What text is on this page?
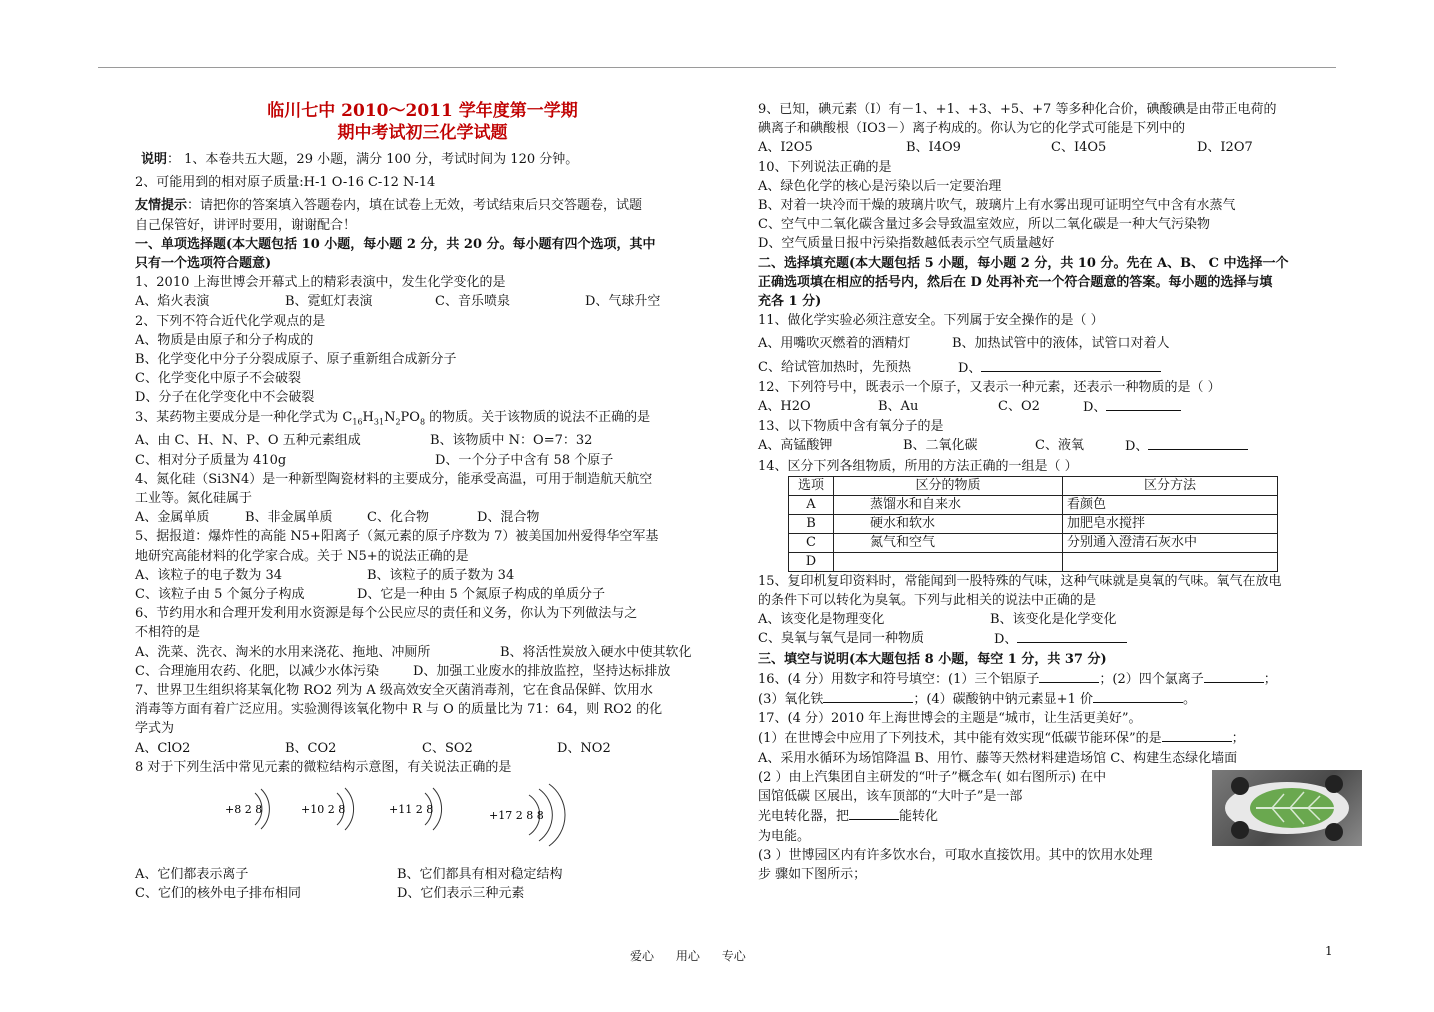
临川七中 2010～2011 学年度第一学期
期中考试初三化学试题
说明： 1、本卷共五大题，29 小题，满分 100 分，考试时间为 120 分钟。
2、可能用到的相对原子质量:H-1 O-16 C-12 N-14
友情提示：请把你的答案填入答题卷内，填在试卷上无效，考试结束后只交答题卷，试题
自己保管好，讲评时要用，谢谢配合！
一、单项选择题(本大题包括 10 小题，每小题 2 分，共 20 分。每小题有四个选项，其中
只有一个选项符合题意)
1、2010 上海世博会开幕式上的精彩表演中，发生化学变化的是
A、焰火表演	B、霓虹灯表演	C、音乐喷泉	D、气球升空
2、下列不符合近代化学观点的是
A、物质是由原子和分子构成的
B、化学变化中分子分裂成原子、原子重新组合成新分子
C、化学变化中原子不会破裂
D、分子在化学变化中不会破裂
3、某药物主要成分是一种化学式为 $C_{16}H_{31}N_2PO_8$ 的物质。关于该物质的说法不正确的是
A、由 C、H、N、P、O 五种元素组成	B、该物质中 N：O=7：32
C、相对分子质量为 410g	D、一个分子中含有 58 个原子
4、氮化硅（Si3N4）是一种新型陶瓷材料的主要成分，能承受高温，可用于制造航天航空
工业等。氮化硅属于
A、金属单质	B、非金属单质	C、化合物	D、混合物
5、据报道：爆炸性的高能 N5+阳离子（氮元素的原子序数为 7）被美国加州爱得华空军基
地研究高能材料的化学家合成。关于 N5+的说法正确的是
A、该粒子的电子数为 34	B、该粒子的质子数为 34
C、该粒子由 5 个氮分子构成	D、它是一种由 5 个氮原子构成的单质分子
6、节约用水和合理开发利用水资源是每个公民应尽的责任和义务，你认为下列做法与之
不相符的是
A、洗菜、洗衣、淘米的水用来浇花、拖地、冲厕所	B、将活性炭放入硬水中使其软化
C、合理施用农药、化肥，以减少水体污染	D、加强工业废水的排放监控，坚持达标排放
7、世界卫生组织将某氧化物 RO2 列为 A 级高效安全灭菌消毒剂，它在食品保鲜、饮用水
消毒等方面有着广泛应用。实验测得该氧化物中 R 与 O 的质量比为 71：64，则 RO2 的化
学式为
A、ClO2	B、CO2	C、SO2	D、NO2
8 对于下列生活中常见元素的微粒结构示意图，有关说法正确的是
+8 2 8	+10 2 8	+11 2 8	+17 2 8 8
A、它们都表示离子	B、它们都具有相对稳定结构
C、它们的核外电子排布相同	D、它们表示三种元素
9、已知，碘元素（I）有－1、+1、+3、+5、+7 等多种化合价，碘酸碘是由带正电荷的
碘离子和碘酸根（IO3－）离子构成的。你认为它的化学式可能是下列中的
A、I2O5	B、I4O9	C、I4O5	D、I2O7
10、下列说法正确的是
A、绿色化学的核心是污染以后一定要治理
B、对着一块冷而干燥的玻璃片吹气，玻璃片上有水雾出现可证明空气中含有水蒸气
C、空气中二氧化碳含量过多会导致温室效应，所以二氧化碳是一种大气污染物
D、空气质量日报中污染指数越低表示空气质量越好
二、选择填充题(本大题包括 5 小题，每小题 2 分，共 10 分。先在 A、B、 C 中选择一个
正确选项填在相应的括号内，然后在 D 处再补充一个符合题意的答案。每小题的选择与填
充各 1 分)
11、做化学实验必须注意安全。下列属于安全操作的是（ ）
A、用嘴吹灭燃着的酒精灯	B、加热试管中的液体，试管口对着人
C、给试管加热时，先预热	D、
12、下列符号中，既表示一个原子，又表示一种元素，还表示一种物质的是（ ）
A、H2O	B、Au	C、O2	D、
13、以下物质中含有氧分子的是
A、高锰酸钾	B、二氧化碳	C、液氧	D、
14、区分下列各组物质，所用的方法正确的一组是（ ）
选项	区分的物质	区分方法
A	蒸馏水和自来水	看颜色
B	硬水和软水	加肥皂水搅拌
C	氮气和空气	分别通入澄清石灰水中
D		
15、复印机复印资料时，常能闻到一股特殊的气味，这种气味就是臭氧的气味。氧气在放电
的条件下可以转化为臭氧。下列与此相关的说法中正确的是
A、该变化是物理变化	B、该变化是化学变化
C、臭氧与氧气是同一种物质	D、
三、填空与说明(本大题包括 8 小题，每空 1 分，共 37 分)
16、(4 分）用数字和符号填空：(1）三个铝原子	；(2）四个氯离子	；
(3）氧化铁	；(4）碳酸钠中钠元素显+1 价	。
17、(4 分）2010 年上海世博会的主题是“城市，让生活更美好”。
(1）在世博会中应用了下列技术，其中能有效实现“低碳节能环保”的是	；
A、采用水循环为场馆降温 B、用竹、藤等天然材料建造场馆 C、构建生态绿化墙面
(2 ）由上汽集团自主研发的“叶子”概念车( 如右图所示) 在中
国馆低碳 区展出，该车顶部的“大叶子”是一部
光电转化器，把	能转化
为电能。
(3 ）世博园区内有许多饮水台，可取水直接饮用。其中的饮用水处理
步 骤如下图所示；
爱心 用心 专心	1
